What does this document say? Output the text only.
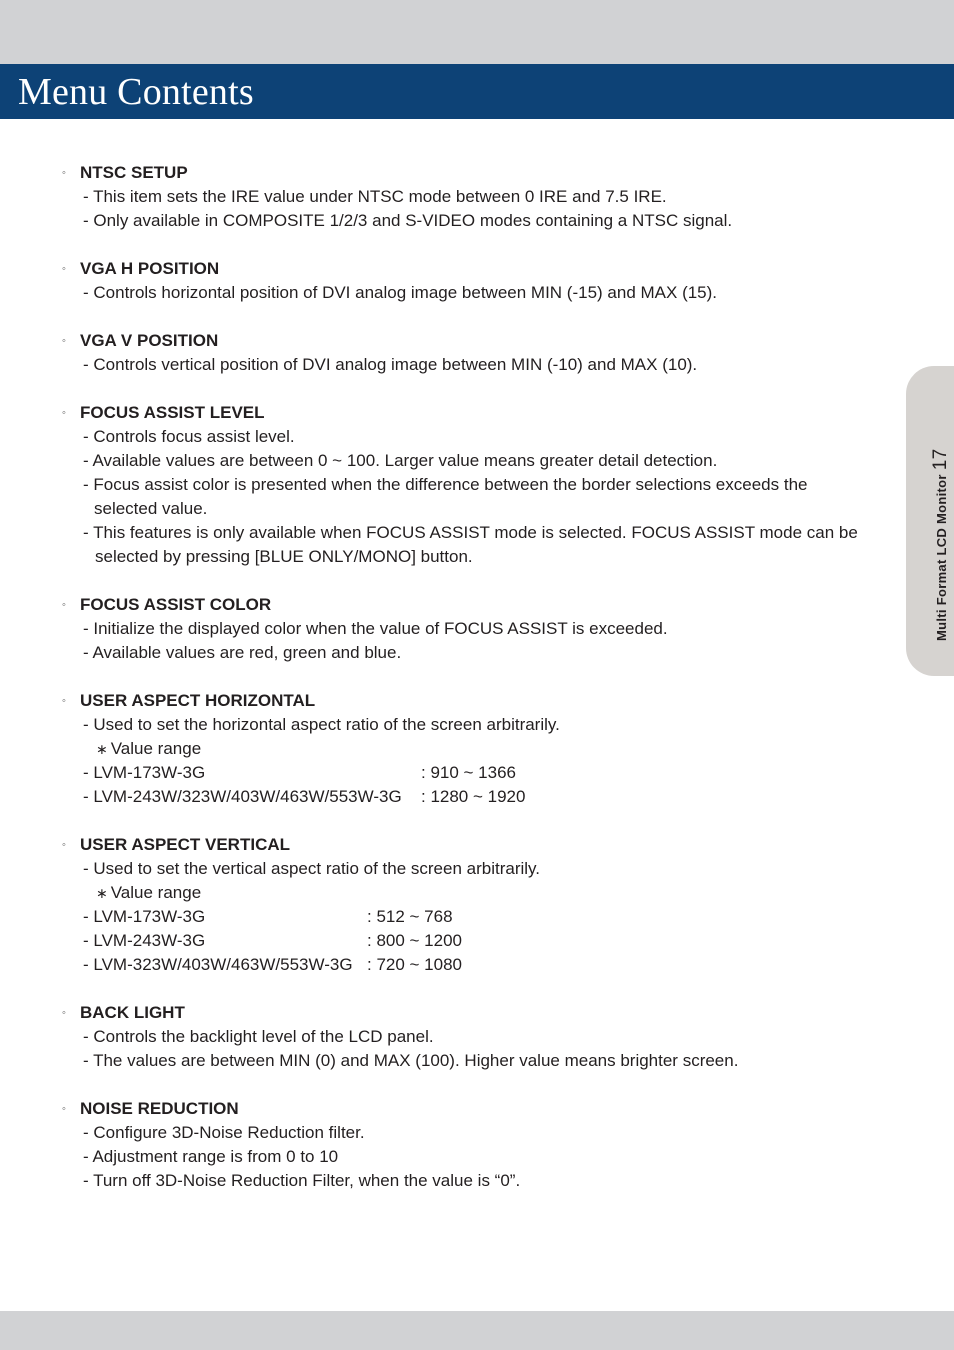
Menu Contents
Multi Format LCD Monitor17
◦ NTSC SETUP
- This item sets the IRE value under NTSC mode between 0 IRE and 7.5 IRE.
- Only available in COMPOSITE 1/2/3 and S-VIDEO modes containing a NTSC signal.
◦ VGA H POSITION
- Controls horizontal position of DVI analog image between MIN (-15) and MAX (15).
◦ VGA V POSITION
- Controls vertical position of DVI analog image between MIN (-10) and MAX (10).
◦ FOCUS ASSIST LEVEL
- Controls focus assist level.
- Available values are between 0 ~ 100. Larger value means greater detail detection.
- Focus assist color is presented when the difference between the border selections exceeds the
selected value.
- This features is only available when FOCUS ASSIST mode is selected. FOCUS ASSIST mode can be
selected by pressing [BLUE ONLY/MONO] button.
◦ FOCUS ASSIST COLOR
- Initialize the displayed color when the value of FOCUS ASSIST is exceeded.
- Available values are red, green and blue.
◦ USER ASPECT HORIZONTAL
- Used to set the horizontal aspect ratio of the screen arbitrarily.
∗ Value range
- LVM-173W-3G	: 910 ~ 1366
- LVM-243W/323W/403W/463W/553W-3G : 1280 ~ 1920
◦ USER ASPECT VERTICAL
- Used to set the vertical aspect ratio of the screen arbitrarily.
∗ Value range
- LVM-173W-3G	: 512 ~ 768
- LVM-243W-3G	: 800 ~ 1200
- LVM-323W/403W/463W/553W-3G : 720 ~ 1080
◦ BACK LIGHT
- Controls the backlight level of the LCD panel.
- The values are between MIN (0) and MAX (100). Higher value means brighter screen.
◦ NOISE REDUCTION
- Configure 3D-Noise Reduction filter.
- Adjustment range is from 0 to 10
- Turn off 3D-Noise Reduction Filter, when the value is “0”.
